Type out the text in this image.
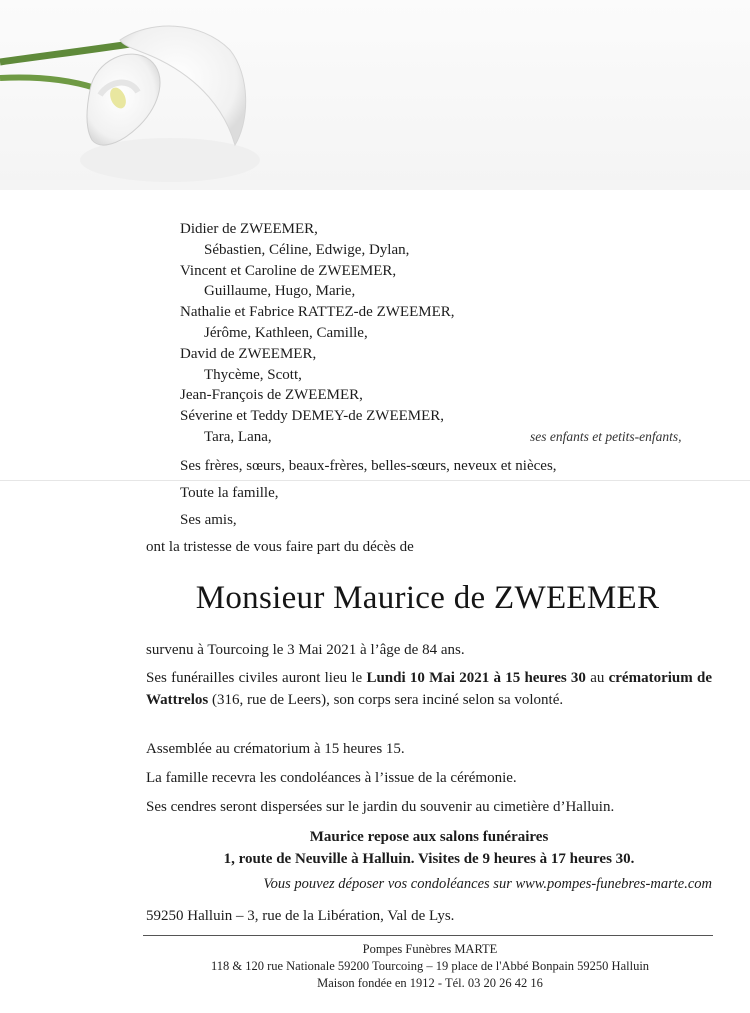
Didier de ZWEEMER,
Sébastien, Céline, Edwige, Dylan,
Vincent et Caroline de ZWEEMER,
Guillaume, Hugo, Marie,
Nathalie et Fabrice RATTEZ-de ZWEEMER,
Jérôme, Kathleen, Camille,
David de ZWEEMER,
Thycème, Scott,
Jean-François de ZWEEMER,
Séverine et Teddy DEMEY-de ZWEEMER,
Tara, Lana,	ses enfants et petits-enfants,
Ses frères, sœurs, beaux-frères, belles-sœurs, neveux et nièces,
Toute la famille,
Ses amis,
ont la tristesse de vous faire part du décès de
Monsieur Maurice de ZWEEMER
survenu à Tourcoing le 3 Mai 2021 à l’âge de 84 ans.
Ses funérailles civiles auront lieu le Lundi 10 Mai 2021 à 15 heures 30 au crématorium de Wattrelos (316, rue de Leers), son corps sera inciné selon sa volonté.
Assemblée au crématorium à 15 heures 15.
La famille recevra les condoléances à l’issue de la cérémonie.
Ses cendres seront dispersées sur le jardin du souvenir au cimetière d’Halluin.
Maurice repose aux salons funéraires
1, route de Neuville à Halluin. Visites de 9 heures à 17 heures 30.
Vous pouvez déposer vos condoléances sur www.pompes-funebres-marte.com
59250 Halluin – 3, rue de la Libération, Val de Lys.
Pompes Funèbres MARTE
118 & 120 rue Nationale 59200 Tourcoing – 19 place de l'Abbé Bonpain 59250 Halluin
Maison fondée en 1912 - Tél. 03 20 26 42 16
